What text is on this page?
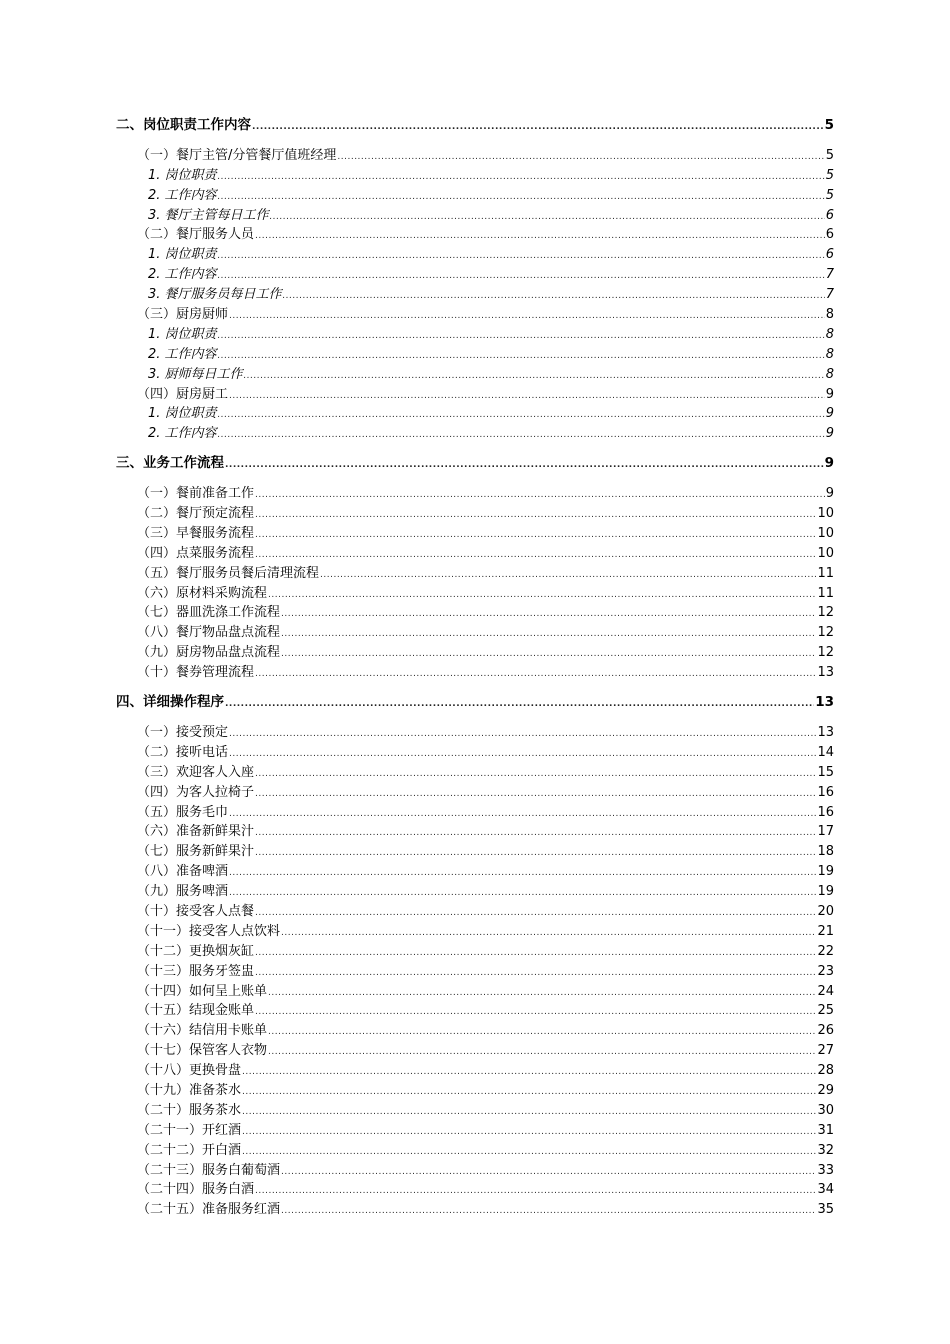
二、岗位职责工作内容 .....	5
（一）餐厅主管/分管餐厅值班经理 .....	5
1. 岗位职责 .....	5
2. 工作内容 .....	5
3. 餐厅主管每日工作 .....	6
（二）餐厅服务人员 .....	6
1. 岗位职责 .....	6
2. 工作内容 .....	7
3. 餐厅服务员每日工作 .....	7
（三）厨房厨师 .....	8
1. 岗位职责 .....	8
2. 工作内容 .....	8
3. 厨师每日工作 .....	8
（四）厨房厨工 .....	9
1. 岗位职责 .....	9
2. 工作内容 .....	9
三、业务工作流程 .....	9
（一）餐前准备工作 .....	9
（二）餐厅预定流程 .....	10
（三）早餐服务流程 .....	10
（四）点菜服务流程 .....	10
（五）餐厅服务员餐后清理流程 .....	11
（六）原材料采购流程 .....	11
（七）器皿洗涤工作流程 .....	12
（八）餐厅物品盘点流程 .....	12
（九）厨房物品盘点流程 .....	12
（十）餐券管理流程 .....	13
四、详细操作程序 .....	13
（一）接受预定 .....	13
（二）接听电话 .....	14
（三）欢迎客人入座 .....	15
（四）为客人拉椅子 .....	16
（五）服务毛巾 .....	16
（六）准备新鲜果汁 .....	17
（七）服务新鲜果汁 .....	18
（八）准备啤酒 .....	19
（九）服务啤酒 .....	19
（十）接受客人点餐 .....	20
（十一）接受客人点饮料 .....	21
（十二）更换烟灰缸 .....	22
（十三）服务牙签盅 .....	23
（十四）如何呈上账单 .....	24
（十五）结现金账单 .....	25
（十六）结信用卡账单 .....	26
（十七）保管客人衣物 .....	27
（十八）更换骨盘 .....	28
（十九）准备茶水 .....	29
（二十）服务茶水 .....	30
（二十一）开红酒 .....	31
（二十二）开白酒 .....	32
（二十三）服务白葡萄酒 .....	33
（二十四）服务白酒 .....	34
（二十五）准备服务红酒 .....	35
